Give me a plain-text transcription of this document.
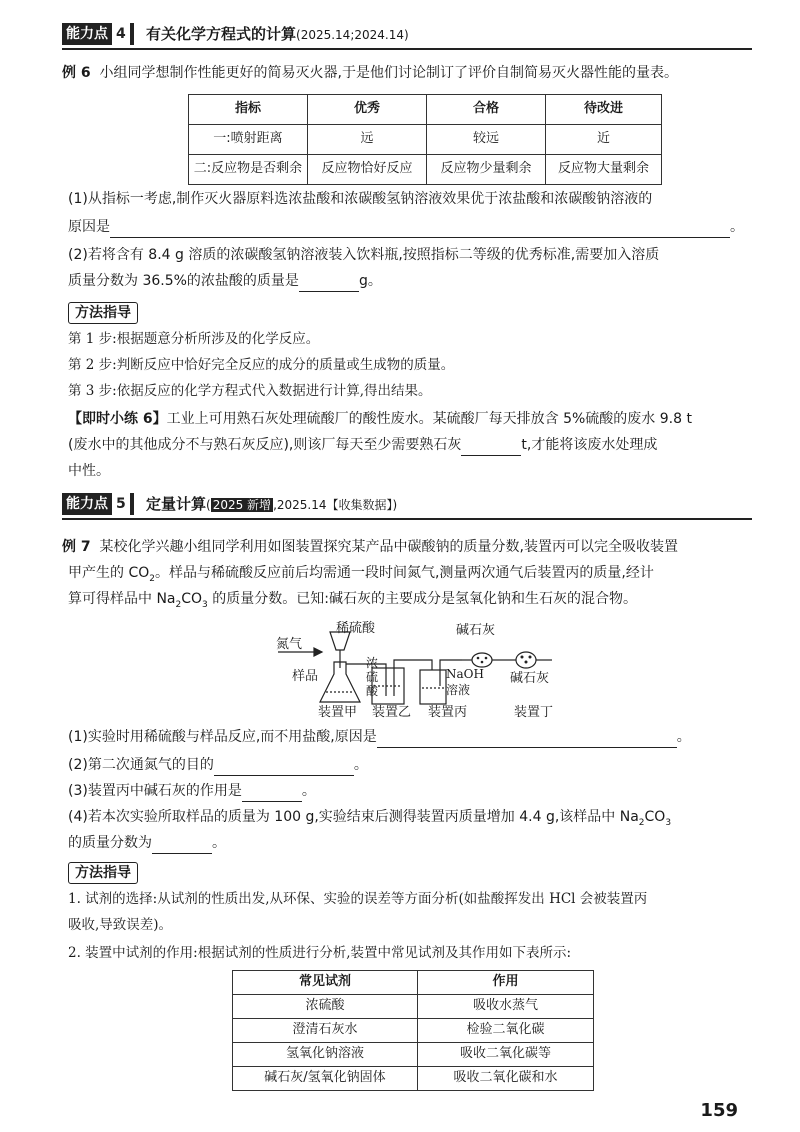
能力点 4	有关化学方程式的计算(2025.14;2024.14)
例 6 小组同学想制作性能更好的简易灭火器,于是他们讨论制订了评价自制简易灭火器性能的量表。
指标	优秀	合格	待改进
一:喷射距离	远	较远	近
二:反应物是否剩余	反应物恰好反应	反应物少量剩余	反应物大量剩余
(1)从指标一考虑,制作灭火器原料选浓盐酸和浓碳酸氢钠溶液效果优于浓盐酸和浓碳酸钠溶液的
原因是	。
(2)若将含有 8.4 g 溶质的浓碳酸氢钠溶液装入饮料瓶,按照指标二等级的优秀标准,需要加入溶质
质量分数为 36.5%的浓盐酸的质量是	g。
方法指导
第 1 步:根据题意分析所涉及的化学反应。
第 2 步:判断反应中恰好完全反应的成分的质量或生成物的质量。
第 3 步:依据反应的化学方程式代入数据进行计算,得出结果。
【即时小练 6】工业上可用熟石灰处理硫酸厂的酸性废水。某硫酸厂每天排放含 5%硫酸的废水 9.8 t
(废水中的其他成分不与熟石灰反应),则该厂每天至少需要熟石灰	t,才能将该废水处理成
中性。
能力点 5	定量计算( 2025 新增 ,2025.14【收集数据】)
例 7 某校化学兴趣小组同学利用如图装置探究某产品中碳酸钠的质量分数,装置丙可以完全吸收装置
甲产生的 $CO_2$。样品与稀硫酸反应前后均需通一段时间氮气,测量两次通气后装置丙的质量,经计
算可得样品中 $Na_2CO_3$ 的质量分数。已知:碱石灰的主要成分是氢氧化钠和生石灰的混合物。
氮气
稀硫酸
样品
浓
硫
酸
碱石灰
NaOH
溶液
碱石灰
装置甲 装置乙 装置丙	装置丁
(1)实验时用稀硫酸与样品反应,而不用盐酸,原因是	。
(2)第二次通氮气的目的	。
(3)装置丙中碱石灰的作用是	。
(4)若本次实验所取样品的质量为 100 g,实验结束后测得装置丙质量增加 4.4 g,该样品中 $Na_2CO_3$
的质量分数为	。
方法指导
1. 试剂的选择:从试剂的性质出发,从环保、实验的误差等方面分析(如盐酸挥发出 HCl 会被装置丙
吸收,导致误差)。
2. 装置中试剂的作用:根据试剂的性质进行分析,装置中常见试剂及其作用如下表所示:
常见试剂	作用
浓硫酸	吸收水蒸气
澄清石灰水	检验二氧化碳
氢氧化钠溶液	吸收二氧化碳等
碱石灰/氢氧化钠固体	吸收二氧化碳和水
159
